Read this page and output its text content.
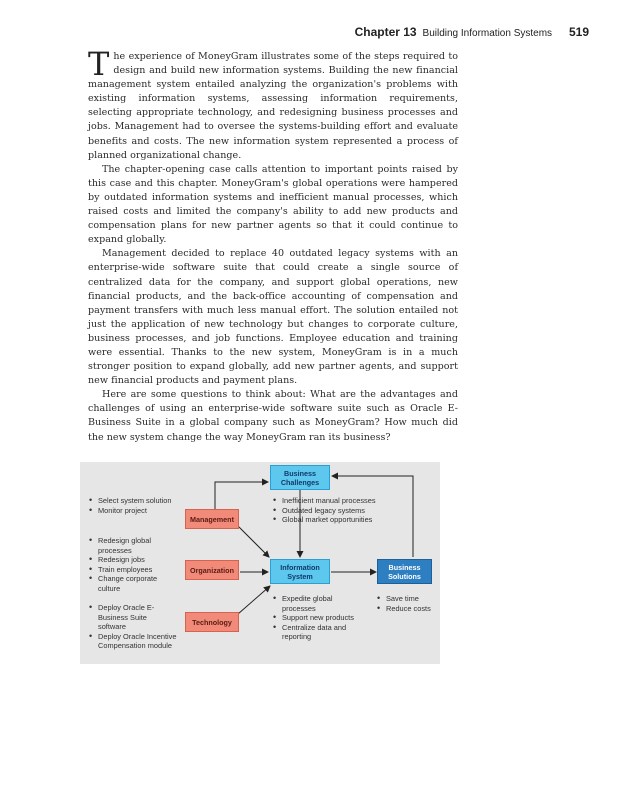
Chapter 13 Building Information Systems 519

The experience of MoneyGram illustrates some of the steps required to design and build new information systems. Building the new financial management system entailed analyzing the organization's problems with existing information systems, assessing information requirements, selecting appropriate technology, and redesigning business processes and jobs. Management had to oversee the systems-building effort and evaluate benefits and costs. The new information system represented a process of planned organizational change.

The chapter-opening case calls attention to important points raised by this case and this chapter. MoneyGram's global operations were hampered by outdated information systems and inefficient manual processes, which raised costs and limited the company's ability to add new products and compensation plans for new partner agents so that it could continue to expand globally.

Management decided to replace 40 outdated legacy systems with an enterprise-wide software suite that could create a single source of centralized data for the company, and support global operations, new financial products, and the back-office accounting of compensation and payment transfers with much less manual effort. The solution entailed not just the application of new technology but changes to corporate culture, business processes, and job functions. Employee education and training were essential. Thanks to the new system, MoneyGram is in a much stronger position to expand globally, add new partner agents, and support new financial products and payment plans.

Here are some questions to think about: What are the advantages and challenges of using an enterprise-wide software suite such as Oracle E-Business Suite in a global company such as MoneyGram? How much did the new system change the way MoneyGram ran its business?

Business Challenges
Management
Organization
Technology
Information System
Business Solutions
• Select system solution
• Monitor project
• Redesign global processes
• Redesign jobs
• Train employees
• Change corporate culture
• Deploy Oracle E-Business Suite software
• Deploy Oracle Incentive Compensation module
• Inefficient manual processes
• Outdated legacy systems
• Global market opportunities
• Expedite global processes
• Support new products
• Centralize data and reporting
• Save time
• Reduce costs
